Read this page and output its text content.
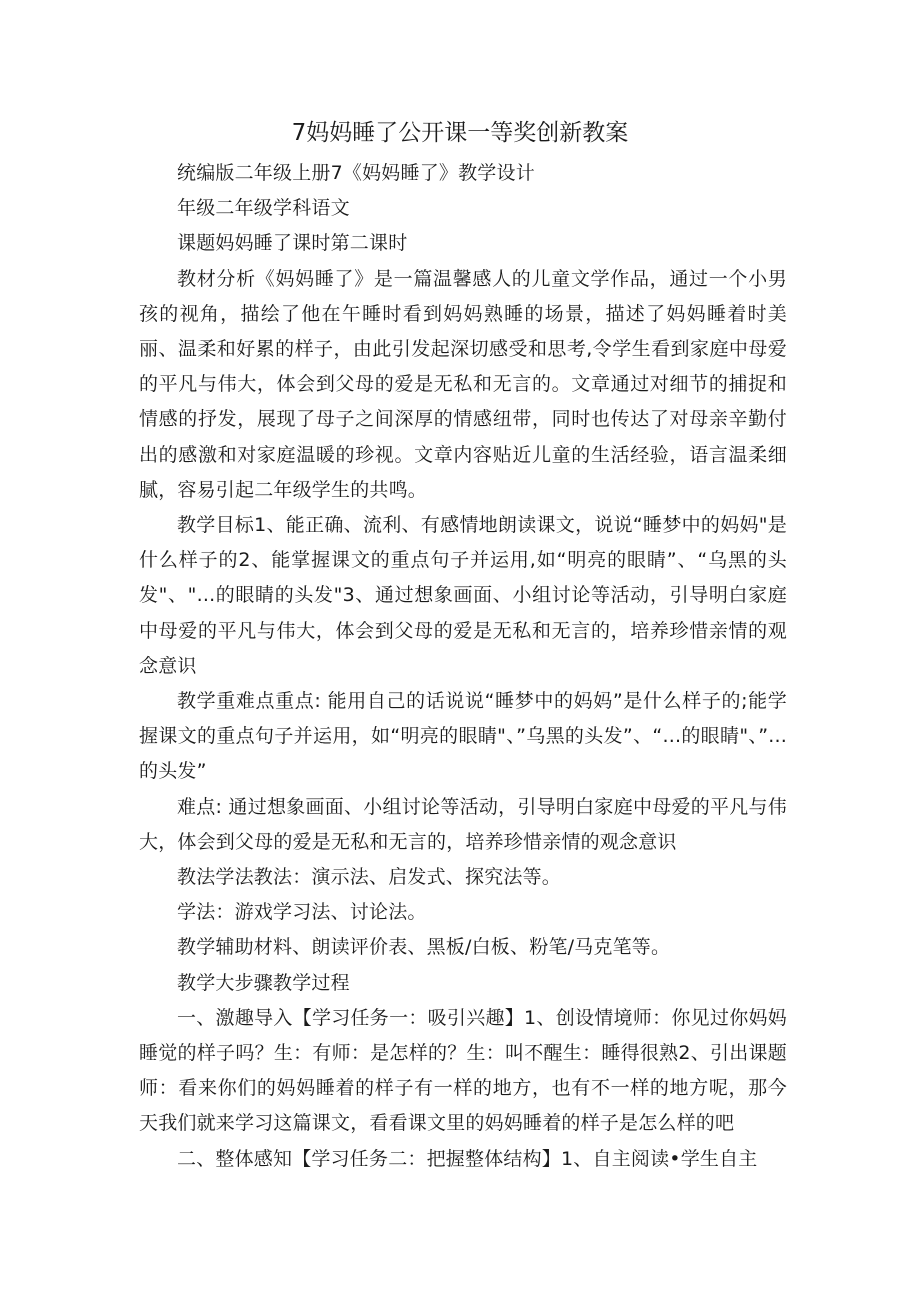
7妈妈睡了公开课一等奖创新教案

统编版二年级上册7《妈妈睡了》教学设计

年级二年级学科语文

课题妈妈睡了课时第二课时

教材分析《妈妈睡了》是一篇温馨感人的儿童文学作品，通过一个小男孩的视角，描绘了他在午睡时看到妈妈熟睡的场景，描述了妈妈睡着时美丽、温柔和好累的样子，由此引发起深切感受和思考,令学生看到家庭中母爱的平凡与伟大，体会到父母的爱是无私和无言的。文章通过对细节的捕捉和情感的抒发，展现了母子之间深厚的情感纽带，同时也传达了对母亲辛勤付出的感激和对家庭温暖的珍视。文章内容贴近儿童的生活经验，语言温柔细腻，容易引起二年级学生的共鸣。

教学目标1、能正确、流利、有感情地朗读课文，说说“睡梦中的妈妈"是什么样子的2、能掌握课文的重点句子并运用,如“明亮的眼睛”、“乌黑的头发"、"...的眼睛的头发"3、通过想象画面、小组讨论等活动，引导明白家庭中母爱的平凡与伟大，体会到父母的爱是无私和无言的，培养珍惜亲情的观念意识

教学重难点重点: 能用自己的话说说“睡梦中的妈妈”是什么样子的;能学握课文的重点句子并运用，如“明亮的眼睛"、”乌黑的头发”、“...的眼睛"、”...的头发”

难点: 通过想象画面、小组讨论等活动，引导明白家庭中母爱的平凡与伟大，体会到父母的爱是无私和无言的，培养珍惜亲情的观念意识

教法学法教法：演示法、启发式、探究法等。

学法：游戏学习法、讨论法。

教学辅助材料、朗读评价表、黑板/白板、粉笔/马克笔等。

教学大步骤教学过程

一、激趣导入【学习任务一：吸引兴趣】1、创设情境师：你见过你妈妈睡觉的样子吗？生：有师：是怎样的？生：叫不醒生：睡得很熟2、引出课题师：看来你们的妈妈睡着的样子有一样的地方，也有不一样的地方呢，那今天我们就来学习这篇课文，看看课文里的妈妈睡着的样子是怎么样的吧

二、整体感知【学习任务二：把握整体结构】1、自主阅读•学生自主
